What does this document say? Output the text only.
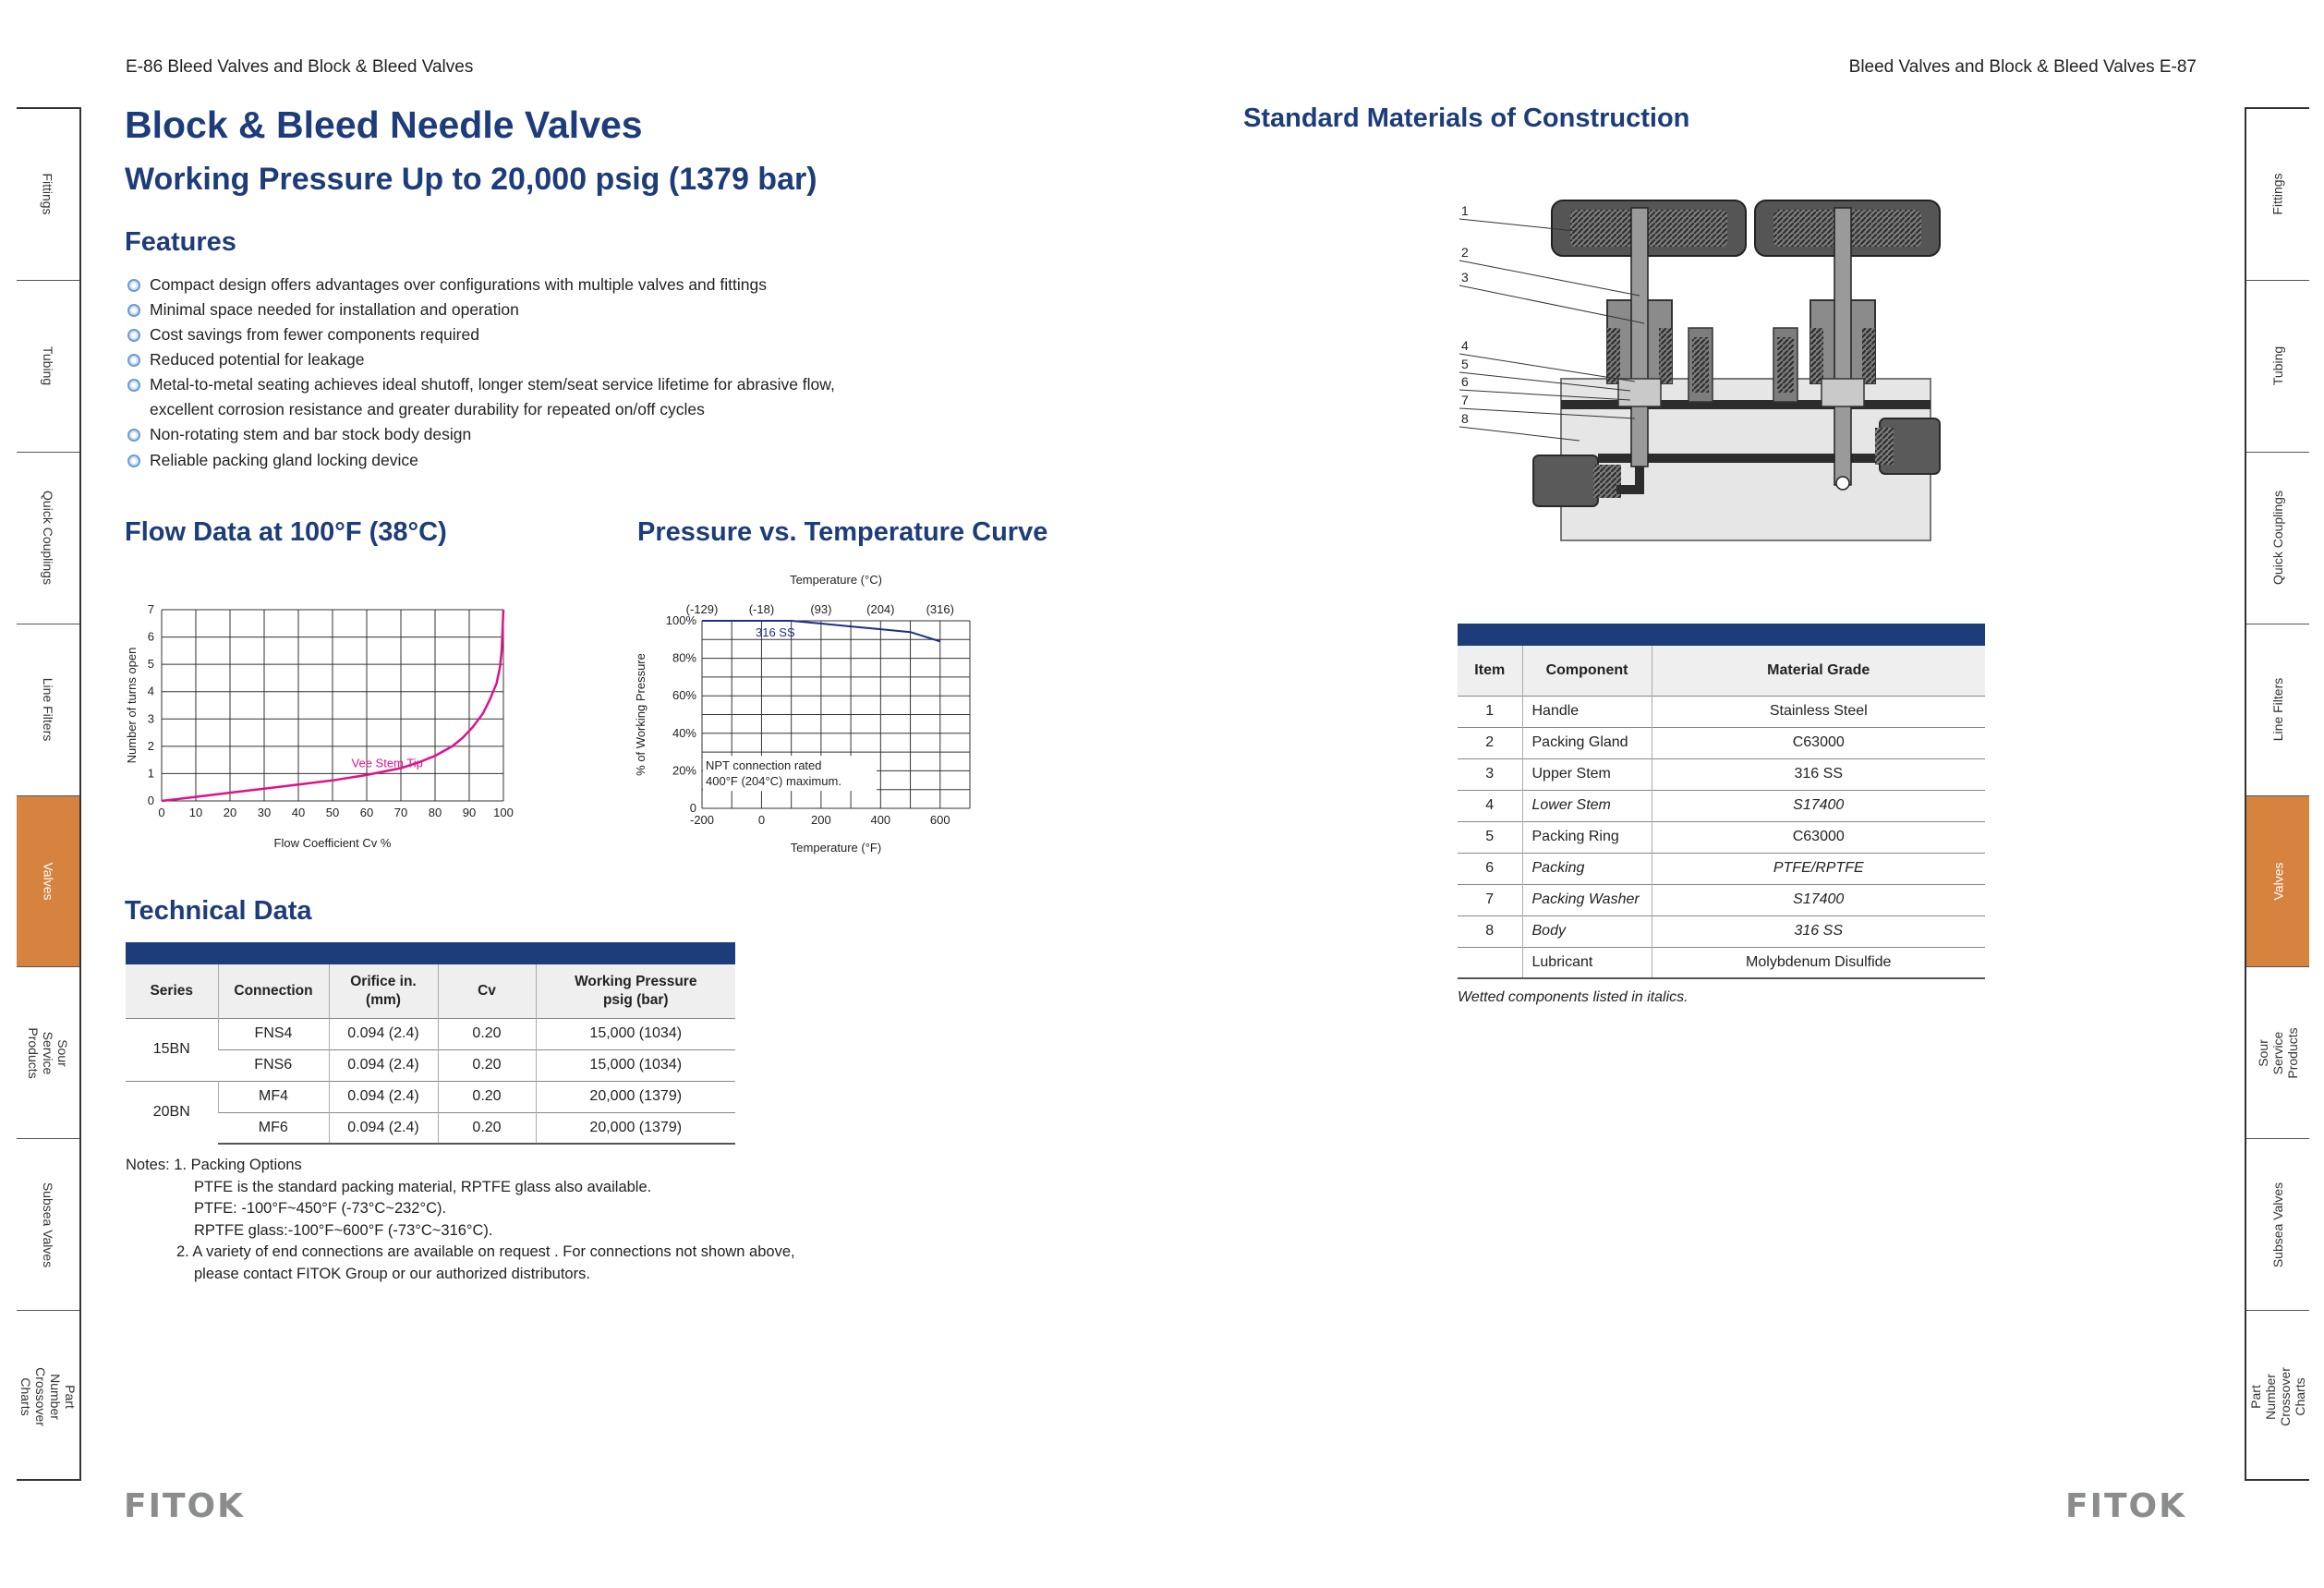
E-86 Bleed Valves and Block & Bleed Valves	Bleed Valves and Block & Bleed Valves E-87
Fittings
Tubing
Quick Couplings
Line Filters
Valves
Sour Service Products
Subsea Valves
Part Number Crossover Charts
Fittings
Tubing
Quick Couplings
Line Filters
Valves
Sour Service Products
Subsea Valves
Part Number Crossover Charts
Block & Bleed Needle Valves
Working Pressure Up to 20,000 psig (1379 bar)
Features
Compact design offers advantages over configurations with multiple valves and fittings
Minimal space needed for installation and operation
Cost savings from fewer components required
Reduced potential for leakage
Metal-to-metal seating achieves ideal shutoff, longer stem/seat service lifetime for abrasive flow, excellent corrosion resistance and greater durability for repeated on/off cycles
Non-rotating stem and bar stock body design
Reliable packing gland locking device
Flow Data at 100°F (38°C)	Pressure vs. Temperature Curve
0 10 20 30 40 50 60 70 80 90 100
0
1
2
3
4
5
6
7
Vee Stem Tip
Flow Coefficient Cv %
Number of turns open
-200	0	200	400	600
(-129)	(-18)	(93)	(204)	(316)
0
20%
40%
60%
80%
100%
316 SS
NPT connection rated
400°F (204°C) maximum.
Temperature (°C)
Temperature (°F)
% of Working Pressure
Technical Data
Series	Connection	Orifice in. (mm)	Cv	Working Pressure psig (bar)
15BN	FNS4	0.094 (2.4)	0.20	15,000 (1034)
	FNS6	0.094 (2.4)	0.20	15,000 (1034)
20BN	MF4	0.094 (2.4)	0.20	20,000 (1379)
	MF6	0.094 (2.4)	0.20	20,000 (1379)
Notes: 1. Packing Options
PTFE is the standard packing material, RPTFE glass also available.
PTFE: -100°F~450°F (-73°C~232°C).
RPTFE glass:-100°F~600°F (-73°C~316°C).
2. A variety of end connections are available on request . For connections not shown above,
please contact FITOK Group or our authorized distributors.
Standard Materials of Construction
1
2
3
4
5
6
7
8
Item	Component	Material Grade
1	Handle	Stainless Steel
2	Packing Gland	C63000
3	Upper Stem	316 SS
4	Lower Stem	S17400
5	Packing Ring	C63000
6	Packing	PTFE/RPTFE
7	Packing Washer	S17400
8	Body	316 SS
	Lubricant	Molybdenum Disulfide
Wetted components listed in italics.
FITOK	FITOK
